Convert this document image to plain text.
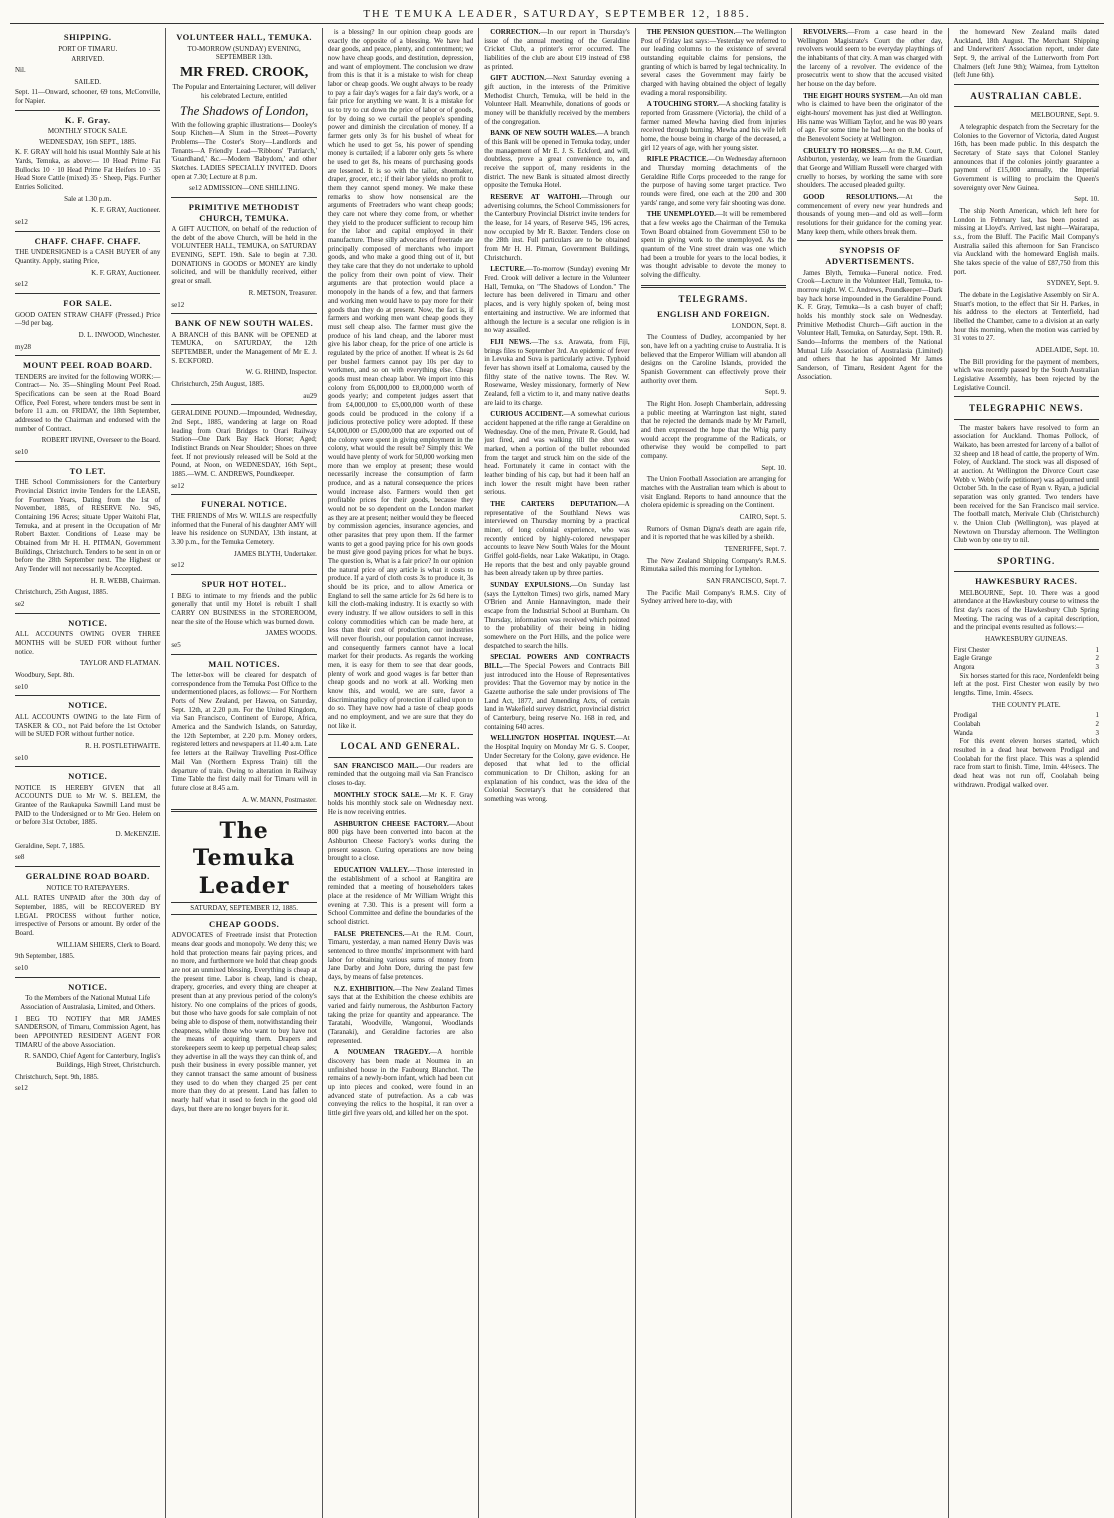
THE TEMUKA LEADER, SATURDAY, SEPTEMBER 12, 1885.
SHIPPING.
PORT OF TIMARU.
ARRIVED.

Nil.

SAILED.

Sept. 11—Onward, schooner, 69 tons, McConville, for Napier.

K. F. Gray.
MONTHLY STOCK SALE.
WEDNESDAY, 16th SEPT., 1885.

K. F. GRAY will hold his usual Monthly Sale at his Yards, Temuka, as above:— 10 Head Prime Fat Bullocks 10 · 10 Head Prime Fat Heifers 10 · 35 Head Store Cattle (mixed) 35 · Sheep, Pigs. Further Entries Solicited.

Sale at 1.30 p.m.

K. F. GRAY, Auctioneer.

se12

CHAFF. CHAFF. CHAFF.

THE UNDERSIGNED is a CASH BUYER of any Quantity. Apply, stating Price,

K. F. GRAY, Auctioneer.

se12

FOR SALE.

GOOD OATEN STRAW CHAFF (Pressed.) Price—9d per bag.

D. L. INWOOD, Winchester.

my28

MOUNT PEEL ROAD BOARD.

TENDERS are invited for the following WORK:— Contract— No. 35—Shingling Mount Peel Road. Specifications can be seen at the Road Board Office, Peel Forest, where tenders must be sent in before 11 a.m. on FRIDAY, the 18th September, addressed to the Chairman and endorsed with the number of Contract.

ROBERT IRVINE, Overseer to the Board.

se10

TO LET.

THE School Commissioners for the Canterbury Provincial District invite Tenders for the LEASE, for Fourteen Years, Dating from the 1st of November, 1885, of RESERVE No. 945, Containing 196 Acres; situate Upper Waitohi Flat, Temuka, and at present in the Occupation of Mr Robert Baxter. Conditions of Lease may be Obtained from Mr H. H. PITMAN, Government Buildings, Christchurch. Tenders to be sent in on or before the 28th September next. The Highest or Any Tender will not necessarily be Accepted.

H. R. WEBB, Chairman.

Christchurch, 25th August, 1885.

se2

NOTICE.

ALL ACCOUNTS OWING OVER THREE MONTHS will be SUED FOR without further notice.

TAYLOR AND FLATMAN.

Woodbury, Sept. 8th.

se10

NOTICE.

ALL ACCOUNTS OWING to the late Firm of TASKER & CO., not Paid before the 1st October will be SUED FOR without further notice.

R. H. POSTLETHWAITE.

se10

NOTICE.

NOTICE IS HEREBY GIVEN that all ACCOUNTS DUE to Mr W. S. BELEM, the Grantee of the Raukapuka Sawmill Land must be PAID to the Undersigned or to Mr Geo. Helem on or before 31st October, 1885.

D. McKENZIE.

Geraldine, Sept. 7, 1885.

se8

GERALDINE ROAD BOARD.
NOTICE TO RATEPAYERS.

ALL RATES UNPAID after the 30th day of September, 1885, will be RECOVERED BY LEGAL PROCESS without further notice, irrespective of Persons or amount. By order of the Board.

WILLIAM SHIERS, Clerk to Board.

9th September, 1885.

se10

NOTICE.

To the Members of the National Mutual Life Association of Australasia, Limited, and Others.

I BEG TO NOTIFY that MR JAMES SANDERSON, of Timaru, Commission Agent, has been APPOINTED RESIDENT AGENT FOR TIMARU of the above Association.

R. SANDO, Chief Agent for Canterbury, Inglis's Buildings, High Street, Christchurch.

Christchurch, Sept. 9th, 1885.

se12

VOLUNTEER HALL, TEMUKA.
TO-MORROW (SUNDAY) EVENING, SEPTEMBER 13th.
MR FRED. CROOK,
The Popular and Entertaining Lecturer, will deliver his celebrated Lecture, entitled
The Shadows of London,

With the following graphic illustrations— Dooley's Soup Kitchen—A Slum in the Street—Poverty Problems—The Coster's Story—Landlords and Tenants—A Friendly Lead—'Ribbons' 'Patriarch,' 'Guardhand,' &c.—Modern 'Babydom,' and other Sketches. LADIES SPECIALLY INVITED. Doors open at 7.30; Lecture at 8 p.m.

se12 ADMISSION—ONE SHILLING.

PRIMITIVE METHODIST CHURCH, TEMUKA.

A GIFT AUCTION, on behalf of the reduction of the debt of the above Church, will be held in the VOLUNTEER HALL, TEMUKA, on SATURDAY EVENING, SEPT. 19th. Sale to begin at 7.30. DONATIONS in GOODS or MONEY are kindly solicited, and will be thankfully received, either great or small.

R. METSON, Treasurer.

se12

BANK OF NEW SOUTH WALES.

A BRANCH of this BANK will be OPENED at TEMUKA, on SATURDAY, the 12th SEPTEMBER, under the Management of Mr E. J. S. ECKFORD.

W. G. RHIND, Inspector.

Christchurch, 25th August, 1885.

au29

GERALDINE POUND.—Impounded, Wednesday, 2nd Sept., 1885, wandering at large on Road leading from Orari Bridges to Orari Railway Station—One Dark Bay Hack Horse; Aged; Indistinct Brands on Near Shoulder; Shoes on three feet. If not previously released will be Sold at the Pound, at Noon, on WEDNESDAY, 16th Sept., 1885.—WM. C. ANDREWS, Poundkeeper.

se12

FUNERAL NOTICE.

THE FRIENDS of Mrs W. WILLS are respectfully informed that the Funeral of his daughter AMY will leave his residence on SUNDAY, 13th instant, at 3.30 p.m., for the Temuka Cemetery.

JAMES BLYTH, Undertaker.

se12

SPUR HOT HOTEL.

I BEG to intimate to my friends and the public generally that until my Hotel is rebuilt I shall CARRY ON BUSINESS in the STOREROOM, near the site of the House which was burned down.

JAMES WOODS.

se5

MAIL NOTICES.

The letter-box will be cleared for despatch of correspondence from the Temuka Post Office to the undermentioned places, as follows:— For Northern Ports of New Zealand, per Hawea, on Saturday, Sept. 12th, at 2.20 p.m. For the United Kingdom, via San Francisco, Continent of Europe, Africa, America and the Sandwich Islands, on Saturday, the 12th September, at 2.20 p.m. Money orders, registered letters and newspapers at 11.40 a.m. Late fee letters at the Railway Travelling Post-Office Mail Van (Northern Express Train) till the departure of train. Owing to alteration in Railway Time Table the first daily mail for Timaru will in future close at 8.45 a.m.

A. W. MANN, Postmaster.

The Temuka Leader
SATURDAY, SEPTEMBER 12, 1885.
CHEAP GOODS.

ADVOCATES of Freetrade insist that Protection means dear goods and monopoly. We deny this; we hold that protection means fair paying prices, and no more, and furthermore we hold that cheap goods are not an unmixed blessing. Everything is cheap at the present time. Labor is cheap, land is cheap, drapery, groceries, and every thing are cheaper at present than at any previous period of the colony's history. No one complains of the prices of goods, but those who have goods for sale complain of not being able to dispose of them, notwithstanding their cheapness, while those who want to buy have not the means of acquiring them. Drapers and storekeepers seem to keep up perpetual cheap sales; they advertise in all the ways they can think of, and push their business in every possible manner, yet they cannot transact the same amount of business they used to do when they charged 25 per cent more than they do at present. Land has fallen to nearly half what it used to fetch in the good old days, but there are no longer buyers for it.

is a blessing? In our opinion cheap goods are exactly the opposite of a blessing. We have had dear goods, and peace, plenty, and contentment; we now have cheap goods, and destitution, depression, and want of employment. The conclusion we draw from this is that it is a mistake to wish for cheap labor or cheap goods. We ought always to be ready to pay a fair day's wages for a fair day's work, or a fair price for anything we want. It is a mistake for us to try to cut down the price of labor or of goods, for by doing so we curtail the people's spending power and diminish the circulation of money. If a farmer gets only 3s for his bushel of wheat for which he used to get 5s, his power of spending money is curtailed; if a laborer only gets 5s where he used to get 8s, his means of purchasing goods are lessened. It is so with the tailor, shoemaker, draper, grocer, etc.; if their labor yields no profit to them they cannot spend money. We make these remarks to show how nonsensical are the arguments of Freetraders who want cheap goods; they care not where they come from, or whether they yield to the producer sufficient to recoup him for the labor and capital employed in their manufacture. These silly advocates of freetrade are principally composed of merchants who import goods, and who make a good thing out of it, but they take care that they do not undertake to uphold the policy from their own point of view. Their arguments are that protection would place a monopoly in the hands of a few, and that farmers and working men would have to pay more for their goods than they do at present. Now, the fact is, if farmers and working men want cheap goods they must sell cheap also. The farmer must give the produce of his land cheap, and the laborer must give his labor cheap, for the price of one article is regulated by the price of another. If wheat is 2s 6d per bushel farmers cannot pay 10s per day to workmen, and so on with everything else. Cheap goods must mean cheap labor. We import into this colony from £6,000,000 to £8,000,000 worth of goods yearly; and competent judges assert that from £4,000,000 to £5,000,000 worth of these goods could be produced in the colony if a judicious protective policy were adopted. If these £4,000,000 or £5,000,000 that are exported out of the colony were spent in giving employment in the colony, what would the result be? Simply this: We would have plenty of work for 50,000 working men more than we employ at present; these would necessarily increase the consumption of farm produce, and as a natural consequence the prices would increase also. Farmers would then get profitable prices for their goods, because they would not be so dependent on the London market as they are at present; neither would they be fleeced by commission agencies, insurance agencies, and other parasites that prey upon them. If the farmer wants to get a good paying price for his own goods he must give good paying prices for what he buys. The question is, What is a fair price? In our opinion the natural price of any article is what it costs to produce. If a yard of cloth costs 3s to produce it, 3s should be its price, and to allow America or England to sell the same article for 2s 6d here is to kill the cloth-making industry. It is exactly so with every industry. If we allow outsiders to sell in this colony commodities which can be made here, at less than their cost of production, our industries will never flourish, our population cannot increase, and consequently farmers cannot have a local market for their products. As regards the working men, it is easy for them to see that dear goods, plenty of work and good wages is far better than cheap goods and no work at all. Working men know this, and would, we are sure, favor a discriminating policy of protection if called upon to do so. They have now had a taste of cheap goods and no employment, and we are sure that they do not like it.

LOCAL AND GENERAL.

SAN FRANCISCO MAIL.—Our readers are reminded that the outgoing mail via San Francisco closes to-day.

MONTHLY STOCK SALE.—Mr K. F. Gray holds his monthly stock sale on Wednesday next. He is now receiving entries.

ASHBURTON CHEESE FACTORY.—About 800 pigs have been converted into bacon at the Ashburton Cheese Factory's works during the present season. Curing operations are now being brought to a close.

EDUCATION VALLEY.—Those interested in the establishment of a school at Rangitira are reminded that a meeting of householders takes place at the residence of Mr William Wright this evening at 7.30. This is a present will form a School Committee and define the boundaries of the school district.

FALSE PRETENCES.—At the R.M. Court, Timaru, yesterday, a man named Henry Davis was sentenced to three months' imprisonment with hard labor for obtaining various sums of money from Jane Darby and John Dore, during the past few days, by means of false pretences.

N.Z. EXHIBITION.—The New Zealand Times says that at the Exhibition the cheese exhibits are varied and fairly numerous, the Ashburton Factory taking the prize for quantity and appearance. The Taratahi, Woodville, Wangonui, Woodlands (Taranaki), and Geraldine factories are also represented.

A NOUMEAN TRAGEDY.—A horrible discovery has been made at Noumea in an unfinished house in the Faubourg Blanchot. The remains of a newly-born infant, which had been cut up into pieces and cooked, were found in an advanced state of putrefaction. As a cab was conveying the relics to the hospital, it ran over a little girl five years old, and killed her on the spot.

CORRECTION.—In our report in Thursday's issue of the annual meeting of the Geraldine Cricket Club, a printer's error occurred. The liabilities of the club are about £19 instead of £98 as printed.

GIFT AUCTION.—Next Saturday evening a gift auction, in the interests of the Primitive Methodist Church, Temuka, will be held in the Volunteer Hall. Meanwhile, donations of goods or money will be thankfully received by the members of the congregation.

BANK OF NEW SOUTH WALES.—A branch of this Bank will be opened in Temuka today, under the management of Mr E. J. S. Eckford, and will, doubtless, prove a great convenience to, and receive the support of, many residents in the district. The new Bank is situated almost directly opposite the Temuka Hotel.

RESERVE AT WAITOHI.—Through our advertising columns, the School Commissioners for the Canterbury Provincial District invite tenders for the lease, for 14 years, of Reserve 945, 196 acres, now occupied by Mr R. Baxter. Tenders close on the 28th inst. Full particulars are to be obtained from Mr H. H. Pitman, Government Buildings, Christchurch.

LECTURE.—To-morrow (Sunday) evening Mr Fred. Crook will deliver a lecture in the Volunteer Hall, Temuka, on "The Shadows of London." The lecture has been delivered in Timaru and other places, and is very highly spoken of, being most entertaining and instructive. We are informed that although the lecture is a secular one religion is in no way assailed.

FIJI NEWS.—The s.s. Arawata, from Fiji, brings files to September 3rd. An epidemic of fever in Levuka and Suva is particularly active. Typhoid fever has shown itself at Lomaloma, caused by the filthy state of the native towns. The Rev. W. Rosewarne, Wesley missionary, formerly of New Zealand, fell a victim to it, and many native deaths are laid to its charge.

CURIOUS ACCIDENT.—A somewhat curious accident happened at the rifle range at Geraldine on Wednesday. One of the men, Private R. Gould, had just fired, and was walking till the shot was marked, when a portion of the bullet rebounded from the target and struck him on the side of the head. Fortunately it came in contact with the leather binding of his cap, but had it been half an inch lower the result might have been rather serious.

THE CARTERS DEPUTATION.—A representative of the Southland News was interviewed on Thursday morning by a practical miner, of long colonial experience, who was recently enticed by highly-colored newspaper accounts to leave New South Wales for the Mount Griffel gold-fields, near Lake Wakatipu, in Otago. He reports that the best and only payable ground has been already taken up by three parties.

SUNDAY EXPULSIONS.—On Sunday last (says the Lyttelton Times) two girls, named Mary O'Brien and Annie Hannavington, made their escape from the Industrial School at Burnham. On Thursday, information was received which pointed to the probability of their being in hiding somewhere on the Port Hills, and the police were despatched to search the hills.

SPECIAL POWERS AND CONTRACTS BILL.—The Special Powers and Contracts Bill just introduced into the House of Representatives provides: That the Governor may by notice in the Gazette authorise the sale under provisions of The Land Act, 1877, and Amending Acts, of certain land in Wakefield survey district, provincial district of Canterbury, being reserve No. 168 in red, and containing 640 acres.

WELLINGTON HOSPITAL INQUEST.—At the Hospital Inquiry on Monday Mr G. S. Cooper, Under Secretary for the Colony, gave evidence. He deposed that what led to the official communication to Dr Chilton, asking for an explanation of his conduct, was the idea of the Colonial Secretary's that he considered that something was wrong.

THE PENSION QUESTION.—The Wellington Post of Friday last says:—Yesterday we referred to our leading columns to the existence of several outstanding equitable claims for pensions, the granting of which is barred by legal technicality. In several cases the Government may fairly be charged with having obtained the object of legally evading a moral responsibility.

A TOUCHING STORY.—A shocking fatality is reported from Grassmere (Victoria), the child of a farmer named Mewha having died from injuries received through burning. Mewha and his wife left home, the house being in charge of the deceased, a girl 12 years of age, with her young sister.

RIFLE PRACTICE.—On Wednesday afternoon and Thursday morning detachments of the Geraldine Rifle Corps proceeded to the range for the purpose of having some target practice. Two rounds were fired, one each at the 200 and 300 yards' range, and some very fair shooting was done.

THE UNEMPLOYED.—It will be remembered that a few weeks ago the Chairman of the Temuka Town Board obtained from Government £50 to be spent in giving work to the unemployed. As the quantum of the Vine street drain was one which had been a trouble for years to the local bodies, it was thought advisable to devote the money to solving the difficulty.

TELEGRAMS.
ENGLISH AND FOREIGN.

LONDON, Sept. 8.

The Countess of Dudley, accompanied by her son, have left on a yachting cruise to Australia. It is believed that the Emperor William will abandon all designs on the Caroline Islands, provided the Spanish Government can effectively prove their authority over them.

Sept. 9.

The Right Hon. Joseph Chamberlain, addressing a public meeting at Warrington last night, stated that he rejected the demands made by Mr Parnell, and then expressed the hope that the Whig party would accept the programme of the Radicals, or otherwise they would be compelled to part company.

Sept. 10.

The Union Football Association are arranging for matches with the Australian team which is about to visit England. Reports to hand announce that the cholera epidemic is spreading on the Continent.

CAIRO, Sept. 5.

Rumors of Osman Digna's death are again rife, and it is reported that he was killed by a sheikh.

TENERIFFE, Sept. 7.

The New Zealand Shipping Company's R.M.S. Rimutaka sailed this morning for Lyttelton.

SAN FRANCISCO, Sept. 7.

The Pacific Mail Company's R.M.S. City of Sydney arrived here to-day, with

REVOLVERS.—From a case heard in the Wellington Magistrate's Court the other day, revolvers would seem to be everyday playthings of the inhabitants of that city. A man was charged with the larceny of a revolver. The evidence of the prosecutrix went to show that the accused visited her house on the day before.

THE EIGHT HOURS SYSTEM.—An old man who is claimed to have been the originator of the eight-hours' movement has just died at Wellington. His name was William Taylor, and he was 80 years of age. For some time he had been on the books of the Benevolent Society at Wellington.

CRUELTY TO HORSES.—At the R.M. Court, Ashburton, yesterday, we learn from the Guardian that George and William Russell were charged with cruelly to horses, by working the same with sore shoulders. The accused pleaded guilty.

GOOD RESOLUTIONS.—At the commencement of every new year hundreds and thousands of young men—and old as well—form resolutions for their guidance for the coming year. Many keep them, while others break them.

SYNOPSIS OF ADVERTISEMENTS.

James Blyth, Temuka—Funeral notice. Fred. Crook—Lecture in the Volunteer Hall, Temuka, to-morrow night. W. C. Andrews, Poundkeeper—Dark bay hack horse impounded in the Geraldine Pound. K. F. Gray, Temuka—Is a cash buyer of chaff; holds his monthly stock sale on Wednesday. Primitive Methodist Church—Gift auction in the Volunteer Hall, Temuka, on Saturday, Sept. 19th. R. Sando—Informs the members of the National Mutual Life Association of Australasia (Limited) and others that he has appointed Mr James Sanderson, of Timaru, Resident Agent for the Association.

the homeward New Zealand mails dated Auckland, 18th August. The Merchant Shipping and Underwriters' Association report, under date Sept. 9, the arrival of the Lutterworth from Port Chalmers (left June 9th); Waimea, from Lyttelton (left June 6th).

AUSTRALIAN CABLE.

MELBOURNE, Sept. 9.

A telegraphic despatch from the Secretary for the Colonies to the Governor of Victoria, dated August 16th, has been made public. In this despatch the Secretary of State says that Colonel Stanley announces that if the colonies jointly guarantee a payment of £15,000 annually, the Imperial Government is willing to proclaim the Queen's sovereignty over New Guinea.

Sept. 10.

The ship North American, which left here for London in February last, has been posted as missing at Lloyd's. Arrived, last night—Wairarapa, s.s., from the Bluff. The Pacific Mail Company's Australia sailed this afternoon for San Francisco via Auckland with the homeward English mails. She takes specie of the value of £87,750 from this port.

SYDNEY, Sept. 9.

The debate in the Legislative Assembly on Sir A. Stuart's motion, to the effect that Sir H. Parkes, in his address to the electors at Tenterfield, had libelled the Chamber, came to a division at an early hour this morning, when the motion was carried by 31 votes to 27.

ADELAIDE, Sept. 10.

The Bill providing for the payment of members, which was recently passed by the South Australian Legislative Assembly, has been rejected by the Legislative Council.

TELEGRAPHIC NEWS.

The master bakers have resolved to form an association for Auckland. Thomas Pollock, of Waikato, has been arrested for larceny of a ballot of 32 sheep and 18 head of cattle, the property of Wm. Foley, of Auckland. The stock was all disposed of at auction. At Wellington the Divorce Court case Webb v. Webb (wife petitioner) was adjourned until October 5th. In the case of Ryan v. Ryan, a judicial separation was only granted. Two tenders have been received for the San Francisco mail service. The football match, Merivale Club (Christchurch) v. the Union Club (Wellington), was played at Newtown on Thursday afternoon. The Wellington Club won by one try to nil.

SPORTING.
HAWKESBURY RACES.

MELBOURNE, Sept. 10. There was a good attendance at the Hawkesbury course to witness the first day's races of the Hawkesbury Club Spring Meeting. The racing was of a capital description, and the principal events resulted as follows:—

HAWKESBURY GUINEAS.
First Chester	1
Eagle Grange	2
Angora	3

Six horses started for this race, Nordenfeldt being left at the post. First Chester won easily by two lengths. Time, 1min. 45secs.

THE COUNTY PLATE.
Prodigal	1
Coolabah	2
Wanda	3

For this event eleven horses started, which resulted in a dead heat between Prodigal and Coolabah for the first place. This was a splendid race from start to finish. Time, 1min. 44½secs. The dead heat was not run off, Coolabah being withdrawn. Prodigal walked over.
